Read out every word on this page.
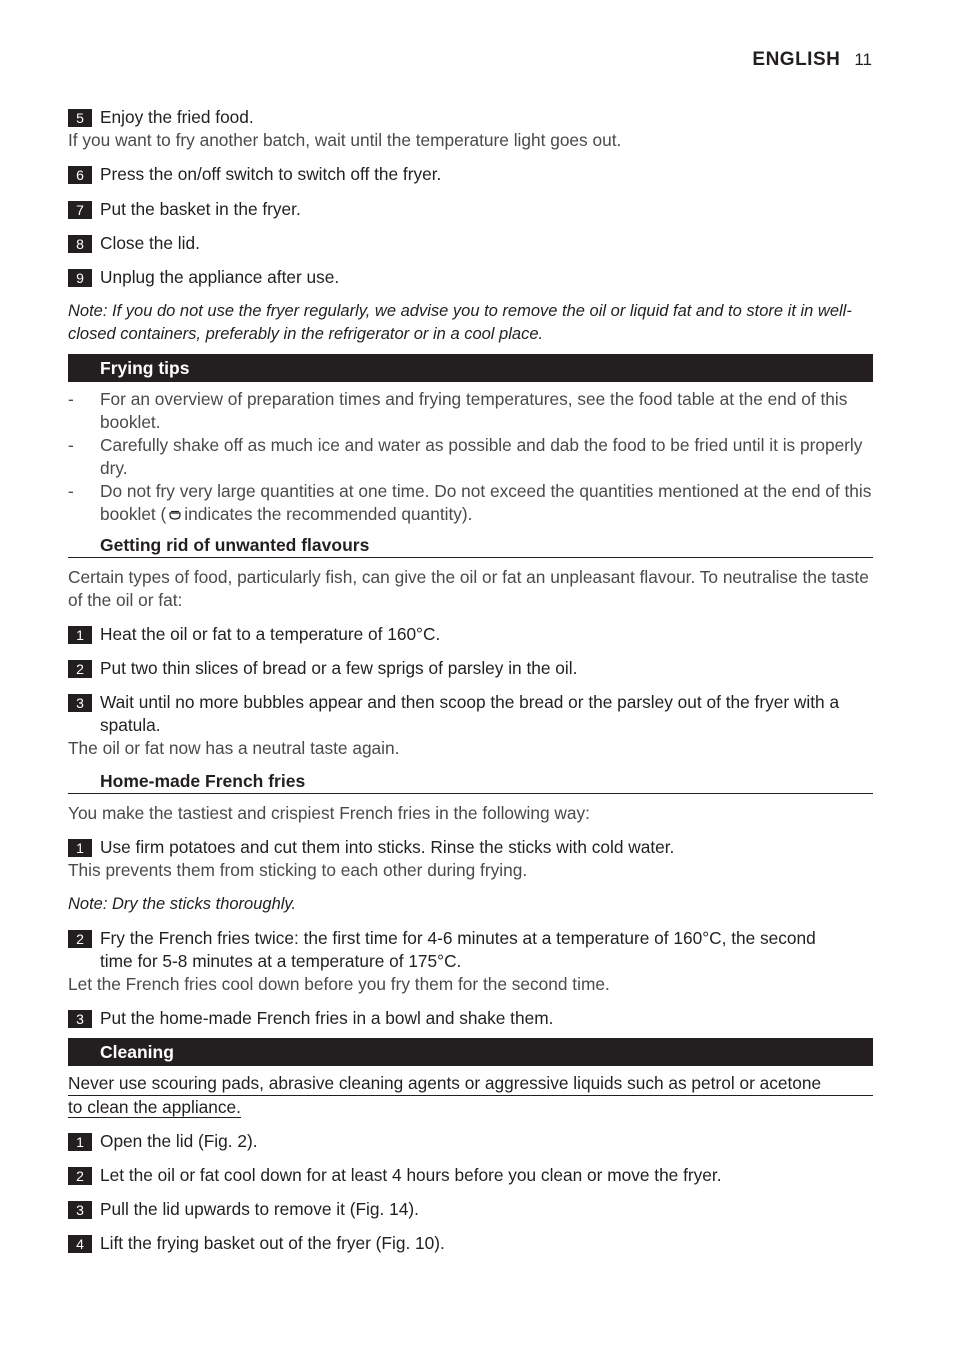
ENGLISH 11
5 Enjoy the fried food.
If you want to fry another batch, wait until the temperature light goes out.
6 Press the on/off switch to switch off the fryer.
7 Put the basket in the fryer.
8 Close the lid.
9 Unplug the appliance after use.
Note: If you do not use the fryer regularly, we advise you to remove the oil or liquid fat and to store it in well-closed containers, preferably in the refrigerator or in a cool place.
Frying tips
- For an overview of preparation times and frying temperatures, see the food table at the end of this booklet.
- Carefully shake off as much ice and water as possible and dab the food to be fried until it is properly dry.
- Do not fry very large quantities at one time. Do not exceed the quantities mentioned at the end of this booklet ( indicates the recommended quantity).
Getting rid of unwanted flavours
Certain types of food, particularly fish, can give the oil or fat an unpleasant flavour. To neutralise the taste of the oil or fat:
1 Heat the oil or fat to a temperature of 160°C.
2 Put two thin slices of bread or a few sprigs of parsley in the oil.
3 Wait until no more bubbles appear and then scoop the bread or the parsley out of the fryer with a spatula.
The oil or fat now has a neutral taste again.
Home-made French fries
You make the tastiest and crispiest French fries in the following way:
1 Use firm potatoes and cut them into sticks. Rinse the sticks with cold water.
This prevents them from sticking to each other during frying.
Note: Dry the sticks thoroughly.
2 Fry the French fries twice: the first time for 4-6 minutes at a temperature of 160°C, the second time for 5-8 minutes at a temperature of 175°C.
Let the French fries cool down before you fry them for the second time.
3 Put the home-made French fries in a bowl and shake them.
Cleaning
Never use scouring pads, abrasive cleaning agents or aggressive liquids such as petrol or acetone
to clean the appliance.
1 Open the lid (Fig. 2).
2 Let the oil or fat cool down for at least 4 hours before you clean or move the fryer.
3 Pull the lid upwards to remove it (Fig. 14).
4 Lift the frying basket out of the fryer (Fig. 10).
